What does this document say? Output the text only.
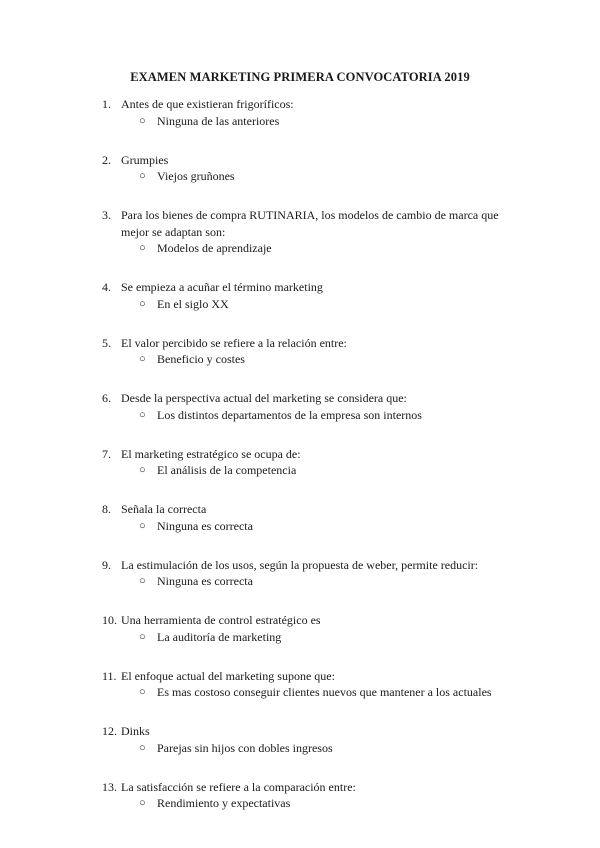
EXAMEN MARKETING PRIMERA CONVOCATORIA 2019
1. Antes de que existieran frigoríficos:
○ Ninguna de las anteriores
2. Grumpies
○ Viejos gruñones
3. Para los bienes de compra RUTINARIA, los modelos de cambio de marca que mejor se adaptan son:
○ Modelos de aprendizaje
4. Se empieza a acuñar el término marketing
○ En el siglo XX
5. El valor percibido se refiere a la relación entre:
○ Beneficio y costes
6. Desde la perspectiva actual del marketing se considera que:
○ Los distintos departamentos de la empresa son internos
7. El marketing estratégico se ocupa de:
○ El análisis de la competencia
8. Señala la correcta
○ Ninguna es correcta
9. La estimulación de los usos, según la propuesta de weber, permite reducir:
○ Ninguna es correcta
10. Una herramienta de control estratégico es
○ La auditoría de marketing
11. El enfoque actual del marketing supone que:
○ Es mas costoso conseguir clientes nuevos que mantener a los actuales
12. Dinks
○ Parejas sin hijos con dobles ingresos
13. La satisfacción se refiere a la comparación entre:
○ Rendimiento y expectativas
